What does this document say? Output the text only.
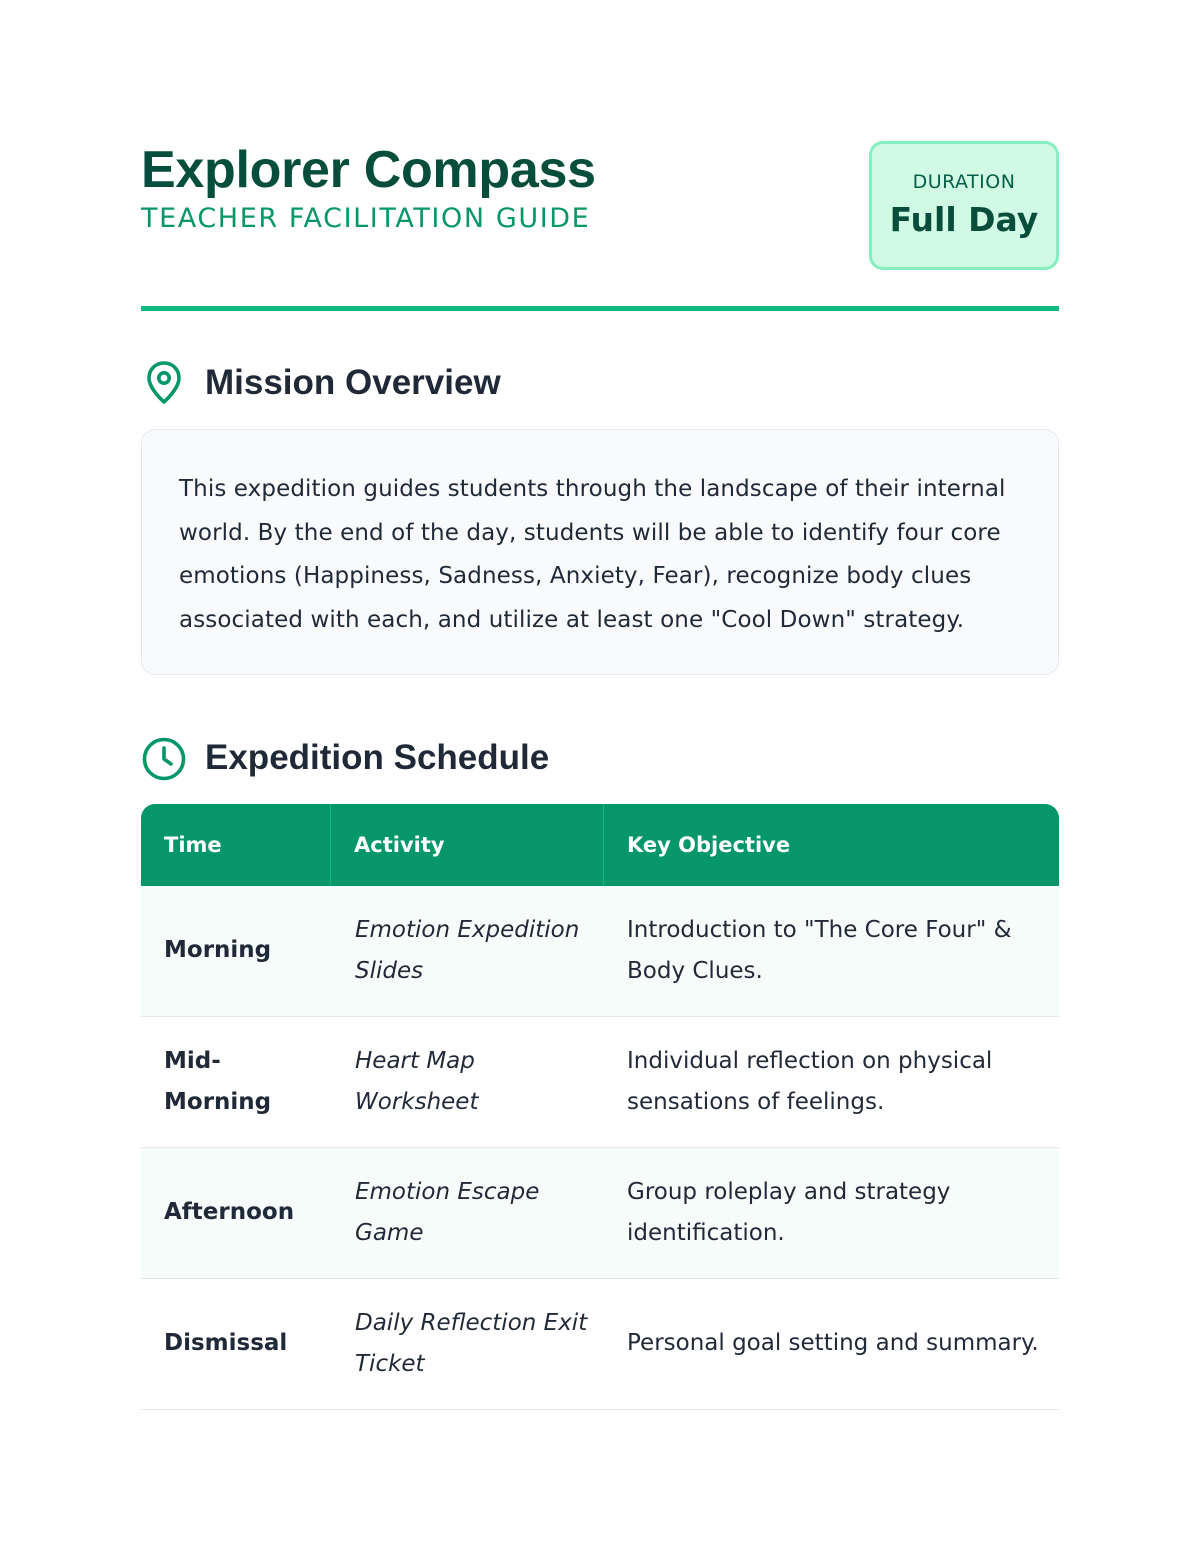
Explorer Compass
TEACHER FACILITATION GUIDE
DURATION
Full Day
Mission Overview

This expedition guides students through the landscape of their internal world. By the end of the day, students will be able to identify four core emotions (Happiness, Sadness, Anxiety, Fear), recognize body clues associated with each, and utilize at least one "Cool Down" strategy.

Expedition Schedule
Time	Activity	Key Objective
Morning
Emotion Expedition Slides
Introduction to "The Core Four" & Body Clues.
Mid-Morning
Heart Map Worksheet
Individual reflection on physical sensations of feelings.
Afternoon
Emotion Escape Game
Group roleplay and strategy identification.
Dismissal
Daily Reflection Exit Ticket
Personal goal setting and summary.
